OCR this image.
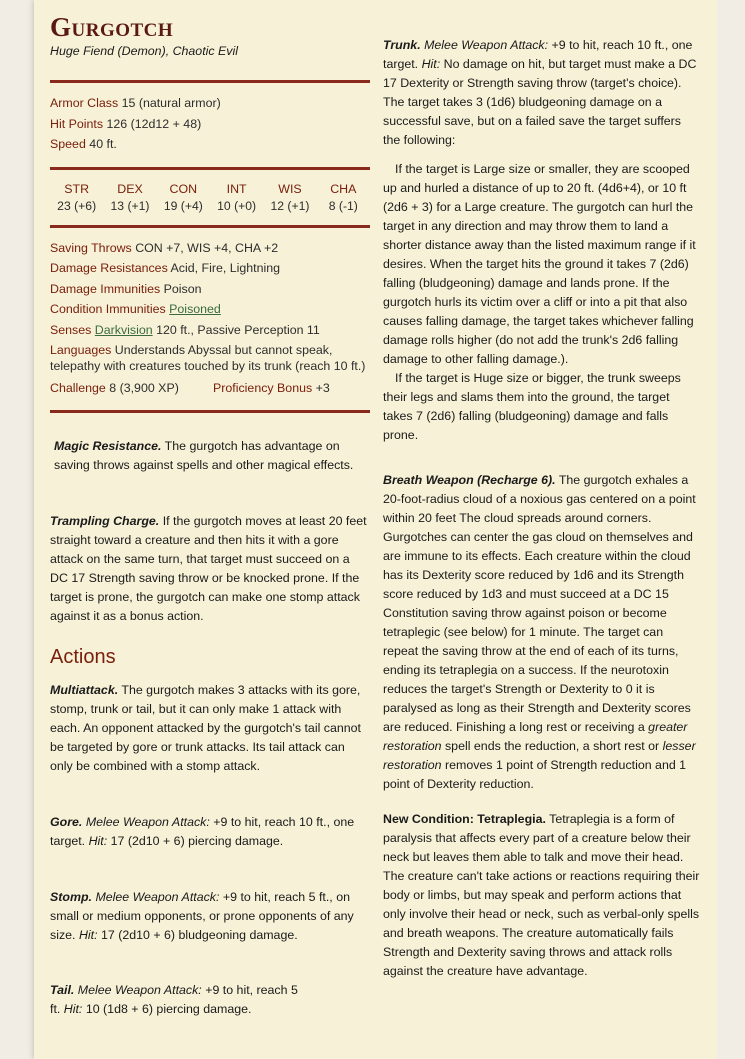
Gurgotch
Huge Fiend (Demon), Chaotic Evil
Armor Class 15 (natural armor)
Hit Points 126 (12d12 + 48)
Speed 40 ft.
STR
23 (+6)
DEX
13 (+1)
CON
19 (+4)
INT
10 (+0)
WIS
12 (+1)
CHA
8 (-1)
Saving Throws CON +7, WIS +4, CHA +2
Damage Resistances Acid, Fire, Lightning
Damage Immunities Poison
Condition Immunities Poisoned
Senses Darkvision 120 ft., Passive Perception 11
Languages Understands Abyssal but cannot speak, telepathy with creatures touched by its trunk (reach 10 ft.)
Challenge 8 (3,900 XP)	Proficiency Bonus +3

Magic Resistance. The gurgotch has advantage on saving throws against spells and other magical effects.

Trampling Charge. If the gurgotch moves at least 20 feet straight toward a creature and then hits it with a gore attack on the same turn, that target must succeed on a DC 17 Strength saving throw or be knocked prone. If the target is prone, the gurgotch can make one stomp attack against it as a bonus action.

Actions

Multiattack. The gurgotch makes 3 attacks with its gore, stomp, trunk or tail, but it can only make 1 attack with each. An opponent attacked by the gurgotch's tail cannot be targeted by gore or trunk attacks. Its tail attack can only be combined with a stomp attack.

Gore. Melee Weapon Attack: +9 to hit, reach 10 ft., one target. Hit: 17 (2d10 + 6) piercing damage.

Stomp. Melee Weapon Attack: +9 to hit, reach 5 ft., on small or medium opponents, or prone opponents of any size. Hit: 17 (2d10 + 6) bludgeoning damage.

Tail. Melee Weapon Attack: +9 to hit, reach 5 ft. Hit: 10 (1d8 + 6) piercing damage.

Trunk. Melee Weapon Attack: +9 to hit, reach 10 ft., one target. Hit: No damage on hit, but target must make a DC 17 Dexterity or Strength saving throw (target's choice). The target takes 3 (1d6) bludgeoning damage on a successful save, but on a failed save the target suffers the following:

If the target is Large size or smaller, they are scooped up and hurled a distance of up to 20 ft. (4d6+4), or 10 ft (2d6 + 3) for a Large creature. The gurgotch can hurl the target in any direction and may throw them to land a shorter distance away than the listed maximum range if it desires. When the target hits the ground it takes 7 (2d6) falling (bludgeoning) damage and lands prone. If the gurgotch hurls its victim over a cliff or into a pit that also causes falling damage, the target takes whichever falling damage rolls higher (do not add the trunk's 2d6 falling damage to other falling damage.).

If the target is Huge size or bigger, the trunk sweeps their legs and slams them into the ground, the target takes 7 (2d6) falling (bludgeoning) damage and falls prone.

Breath Weapon (Recharge 6). The gurgotch exhales a 20-foot-radius cloud of a noxious gas centered on a point within 20 feet The cloud spreads around corners. Gurgotches can center the gas cloud on themselves and are immune to its effects. Each creature within the cloud has its Dexterity score reduced by 1d6 and its Strength score reduced by 1d3 and must succeed at a DC 15 Constitution saving throw against poison or become tetraplegic (see below) for 1 minute. The target can repeat the saving throw at the end of each of its turns, ending its tetraplegia on a success. If the neurotoxin reduces the target's Strength or Dexterity to 0 it is paralysed as long as their Strength and Dexterity scores are reduced. Finishing a long rest or receiving a greater restoration spell ends the reduction, a short rest or lesser restoration removes 1 point of Strength reduction and 1 point of Dexterity reduction.

New Condition: Tetraplegia. Tetraplegia is a form of paralysis that affects every part of a creature below their neck but leaves them able to talk and move their head. The creature can't take actions or reactions requiring their body or limbs, but may speak and perform actions that only involve their head or neck, such as verbal-only spells and breath weapons. The creature automatically fails Strength and Dexterity saving throws and attack rolls against the creature have advantage.
